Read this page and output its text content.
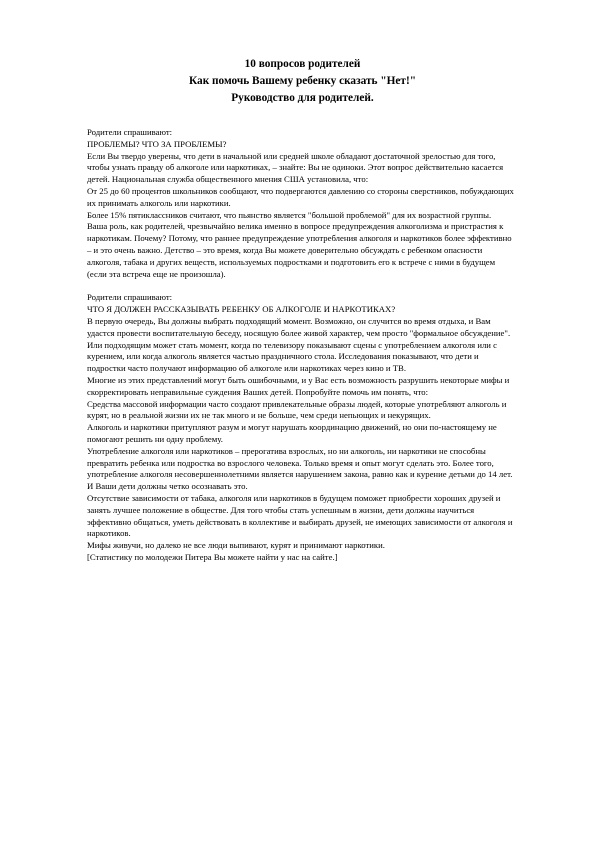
10 вопросов родителей
Как помочь Вашему ребенку сказать "Нет!"
Руководство для родителей.

Родители спрашивают:

ПРОБЛЕМЫ? ЧТО ЗА ПРОБЛЕМЫ?

Если Вы твердо уверены, что дети в начальной или средней школе обладают достаточной зрелостью для того, чтобы узнать правду об алкоголе или наркотиках, – знайте: Вы не одиноки. Этот вопрос действительно касается детей. Национальная служба общественного мнения США установила, что:

От 25 до 60 процентов школьников сообщают, что подвергаются давлению со стороны сверстников, побуждающих их принимать алкоголь или наркотики.

Более 15% пятиклассников считают, что пьянство является "большой проблемой" для их возрастной группы.

Ваша роль, как родителей, чрезвычайно велика именно в вопросе предупреждения алкоголизма и пристрастия к наркотикам. Почему? Потому, что раннее предупреждение употребления алкоголя и наркотиков более эффективно – и это очень важно. Детство – это время, когда Вы можете доверительно обсуждать с ребенком опасности алкоголя, табака и других веществ, используемых подростками и подготовить его к встрече с ними в будущем (если эта встреча еще не произошла).

Родители спрашивают:

ЧТО Я ДОЛЖЕН РАССКАЗЫВАТЬ РЕБЕНКУ ОБ АЛКОГОЛЕ И НАРКОТИКАХ?

В первую очередь, Вы должны выбрать подходящий момент. Возможно, он случится во время отдыха, и Вам удастся провести воспитательную беседу, носящую более живой характер, чем просто "формальное обсуждение". Или подходящим может стать момент, когда по телевизору показывают сцены с употреблением алкоголя или с курением, или когда алкоголь является частью праздничного стола. Исследования показывают, что дети и подростки часто получают информацию об алкоголе или наркотиках через кино и ТВ.

Многие из этих представлений могут быть ошибочными, и у Вас есть возможность разрушить некоторые мифы и скорректировать неправильные суждения Ваших детей. Попробуйте помочь им понять, что:

Средства массовой информации часто создают привлекательные образы людей, которые употребляют алкоголь и курят, но в реальной жизни их не так много и не больше, чем среди непьющих и некурящих.

Алкоголь и наркотики притупляют разум и могут нарушать координацию движений, но они по-настоящему не помогают решить ни одну проблему.

Употребление алкоголя или наркотиков – прерогатива взрослых, но ни алкоголь, ни наркотики не способны превратить ребенка или подростка во взрослого человека. Только время и опыт могут сделать это. Более того, употребление алкоголя несовершеннолетними является нарушением закона, равно как и курение детьми до 14 лет. И Ваши дети должны четко осознавать это.

Отсутствие зависимости от табака, алкоголя или наркотиков в будущем поможет приобрести хороших друзей и занять лучшее положение в обществе. Для того чтобы стать успешным в жизни, дети должны научиться эффективно общаться, уметь действовать в коллективе и выбирать друзей, не имеющих зависимости от алкоголя и наркотиков.

Мифы живучи, но далеко не все люди выпивают, курят и принимают наркотики.

[Статистику по молодежи Питера Вы можете найти у нас на сайте.]
